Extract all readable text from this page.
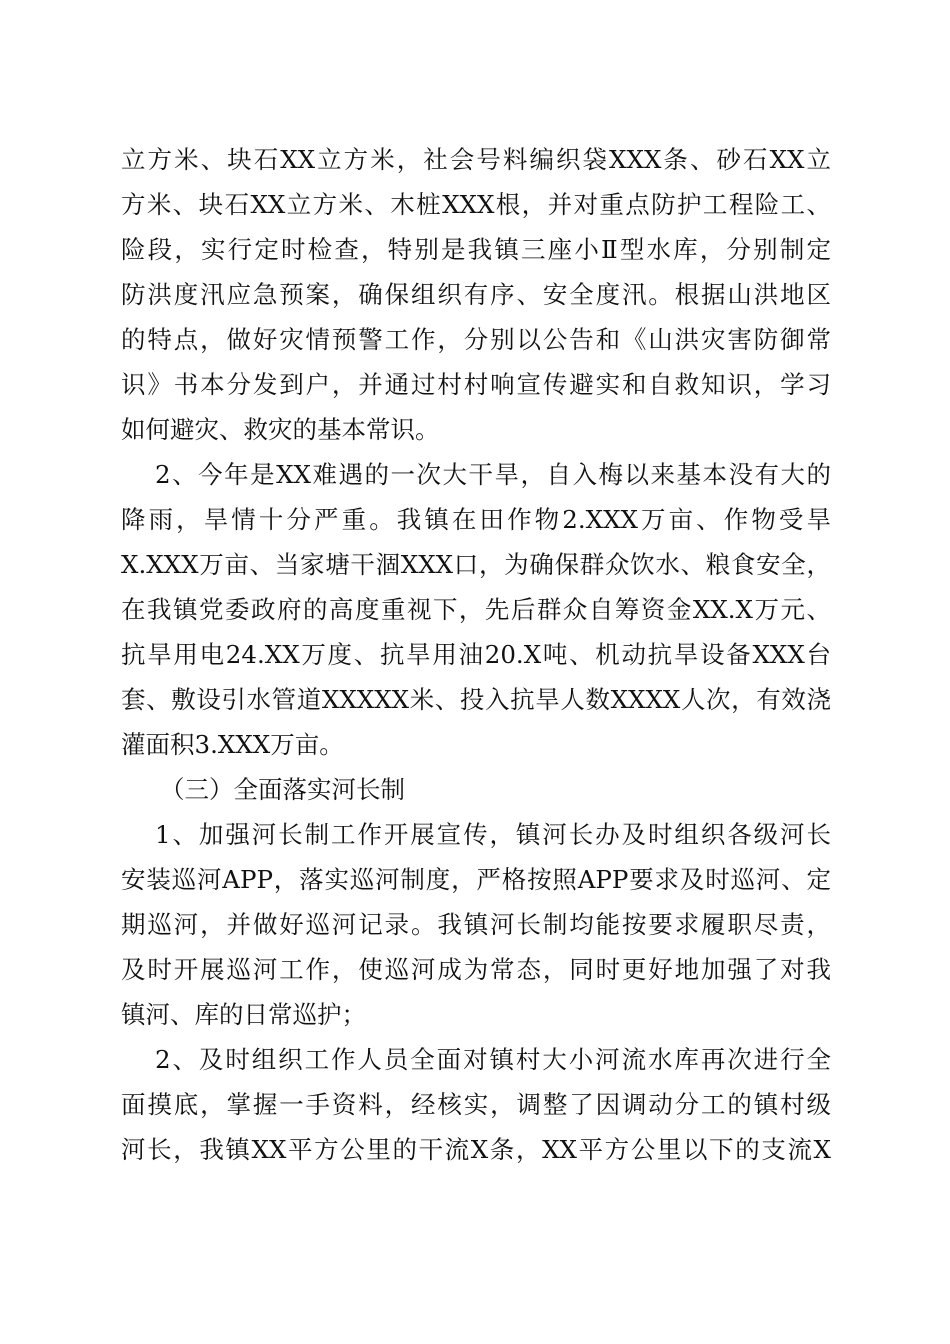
立方米、块石XX立方米，社会号料编织袋XXX条、砂石XX立
方米、块石XX立方米、木桩XXX根，并对重点防护工程险工、
险段，实行定时检查，特别是我镇三座小Ⅱ型水库，分别制定
防洪度汛应急预案，确保组织有序、安全度汛。根据山洪地区
的特点，做好灾情预警工作，分别以公告和《山洪灾害防御常
识》书本分发到户，并通过村村响宣传避实和自救知识，学习
如何避灾、救灾的基本常识。
2、今年是XX难遇的一次大干旱，自入梅以来基本没有大的
降雨，旱情十分严重。我镇在田作物2.XXX万亩、作物受旱
X.XXX万亩、当家塘干涸XXX口，为确保群众饮水、粮食安全，
在我镇党委政府的高度重视下，先后群众自筹资金XX.X万元、
抗旱用电24.XX万度、抗旱用油20.X吨、机动抗旱设备XXX台
套、敷设引水管道XXXXX米、投入抗旱人数XXXX人次，有效浇
灌面积3.XXX万亩。
（三）全面落实河长制
1、加强河长制工作开展宣传，镇河长办及时组织各级河长
安装巡河APP，落实巡河制度，严格按照APP要求及时巡河、定
期巡河，并做好巡河记录。我镇河长制均能按要求履职尽责，
及时开展巡河工作，使巡河成为常态，同时更好地加强了对我
镇河、库的日常巡护；
2、及时组织工作人员全面对镇村大小河流水库再次进行全
面摸底，掌握一手资料，经核实，调整了因调动分工的镇村级
河长，我镇XX平方公里的干流X条，XX平方公里以下的支流X
